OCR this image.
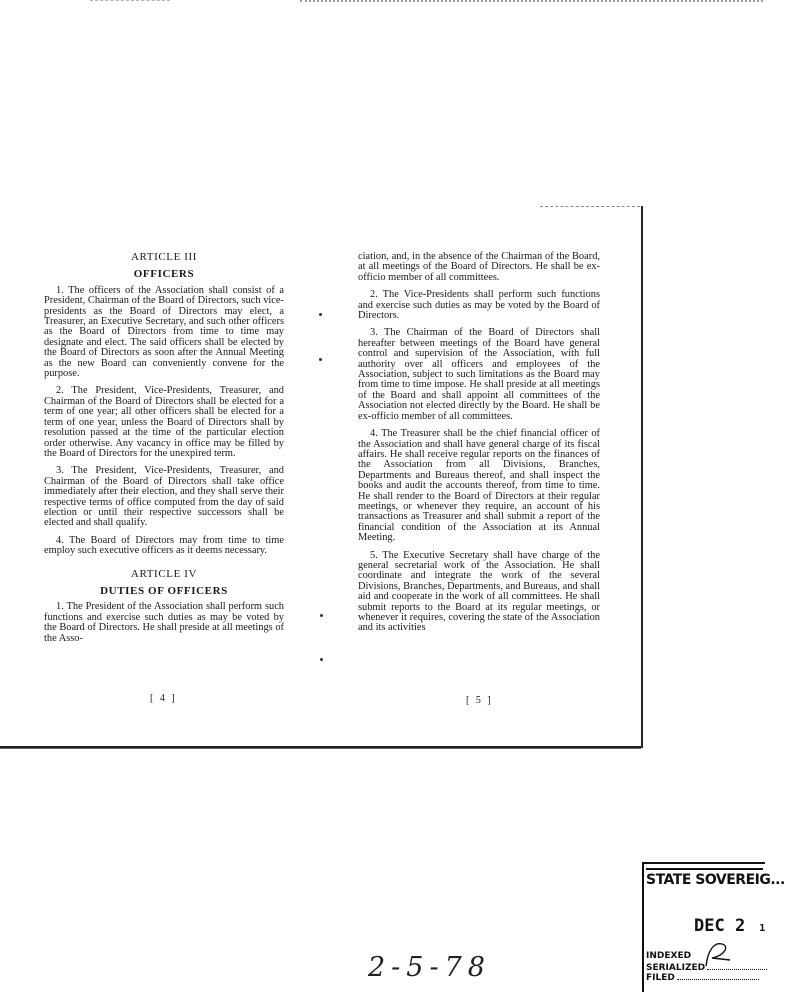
ARTICLE III

OFFICERS

1. The officers of the Association shall consist of a President, Chairman of the Board of Directors, such vice-presidents as the Board of Directors may elect, a Treasurer, an Executive Secretary, and such other officers as the Board of Directors from time to time may designate and elect. The said officers shall be elected by the Board of Directors as soon after the Annual Meeting as the new Board can conveniently convene for the purpose.

2. The President, Vice-Presidents, Treasurer, and Chairman of the Board of Directors shall be elected for a term of one year; all other officers shall be elected for a term of one year, unless the Board of Directors shall by resolution passed at the time of the particular election order otherwise. Any vacancy in office may be filled by the Board of Directors for the unexpired term.

3. The President, Vice-Presidents, Treasurer, and Chairman of the Board of Directors shall take office immediately after their election, and they shall serve their respective terms of office computed from the day of said election or until their respective successors shall be elected and shall qualify.

4. The Board of Directors may from time to time employ such executive officers as it deems necessary.

ARTICLE IV

DUTIES OF OFFICERS

1. The President of the Association shall perform such functions and exercise such duties as may be voted by the Board of Directors. He shall preside at all meetings of the Asso-

[ 4 ]

ciation, and, in the absence of the Chairman of the Board, at all meetings of the Board of Directors. He shall be ex-officio member of all committees.

2. The Vice-Presidents shall perform such functions and exercise such duties as may be voted by the Board of Directors.

3. The Chairman of the Board of Directors shall hereafter between meetings of the Board have general control and supervision of the Association, with full authority over all officers and employees of the Association, subject to such limitations as the Board may from time to time impose. He shall preside at all meetings of the Board and shall appoint all committees of the Association not elected directly by the Board. He shall be ex-officio member of all committees.

4. The Treasurer shall be the chief financial officer of the Association and shall have general charge of its fiscal affairs. He shall receive regular reports on the finances of the Association from all Divisions, Branches, Departments and Bureaus thereof, and shall inspect the books and audit the accounts thereof, from time to time. He shall render to the Board of Directors at their regular meetings, or whenever they require, an account of his transactions as Treasurer and shall submit a report of the financial condition of the Association at its Annual Meeting.

5. The Executive Secretary shall have charge of the general secretarial work of the Association. He shall coordinate and integrate the work of the several Divisions, Branches, Departments, and Bureaus, and shall aid and cooperate in the work of all committees. He shall submit reports to the Board at its regular meetings, or whenever it requires, covering the state of the Association and its activities

[ 5 ]
2-5-78
STATE SOVEREIG...
DEC 2 1
INDEXED
SERIALIZED
FILED
